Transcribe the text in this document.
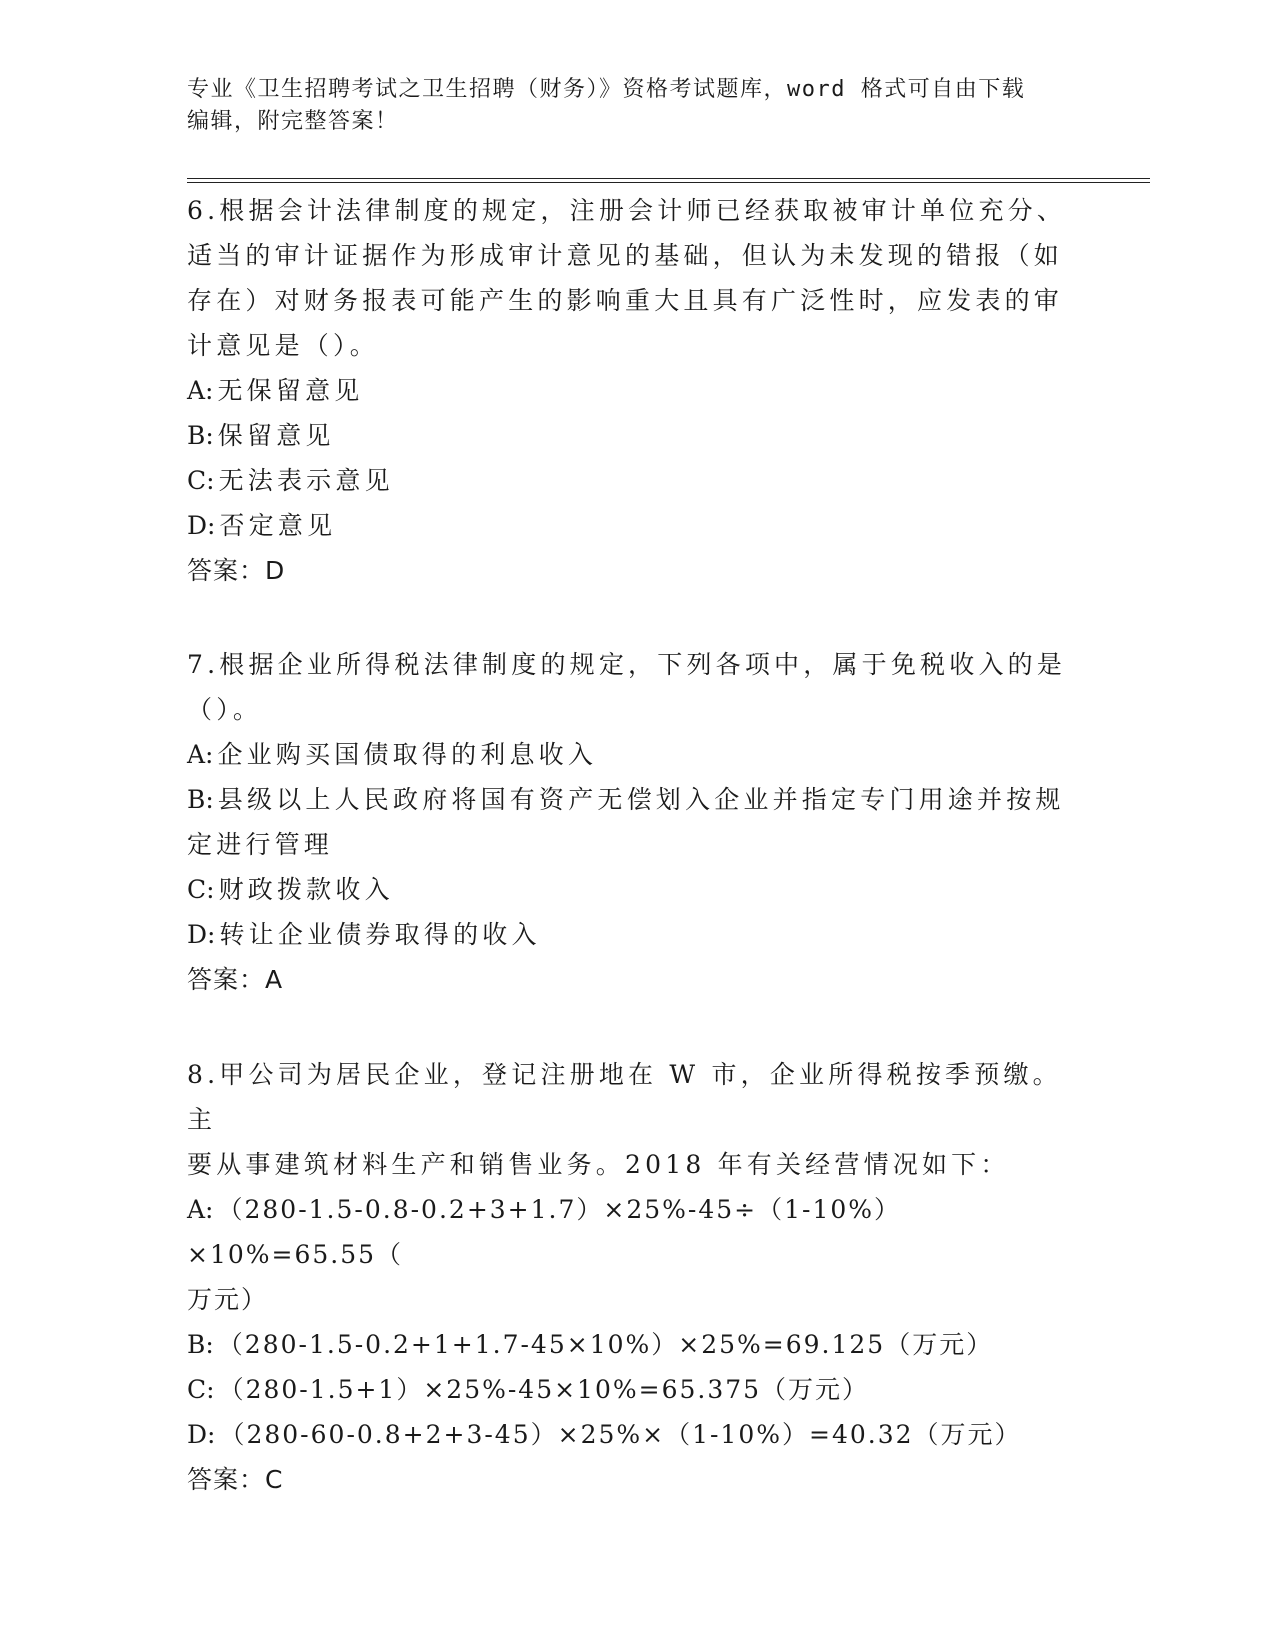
专业《卫生招聘考试之卫生招聘（财务）》资格考试题库，word 格式可自由下载
编辑，附完整答案！
6.根据会计法律制度的规定，注册会计师已经获取被审计单位充分、
适当的审计证据作为形成审计意见的基础，但认为未发现的错报（如
存在）对财务报表可能产生的影响重大且具有广泛性时，应发表的审
计意见是（）。
A: 无保留意见
B: 保留意见
C: 无法表示意见
D: 否定意见
答案：D
7.根据企业所得税法律制度的规定，下列各项中，属于免税收入的是
（）。
A: 企业购买国债取得的利息收入
B: 县级以上人民政府将国有资产无偿划入企业并指定专门用途并按规
定进行管理
C: 财政拨款收入
D: 转让企业债券取得的收入
答案：A
8.甲公司为居民企业，登记注册地在 W 市，企业所得税按季预缴。主
要从事建筑材料生产和销售业务。2018 年有关经营情况如下：
A: （280-1.5-0.8-0.2+3+1.7）×25%-45÷（1-10%）×10%=65.55（
万元）
B: （280-1.5-0.2+1+1.7-45×10%）×25%=69.125（万元）
C: （280-1.5+1）×25%-45×10%=65.375（万元）
D: （280-60-0.8+2+3-45）×25%×（1-10%）=40.32（万元）
答案：C
